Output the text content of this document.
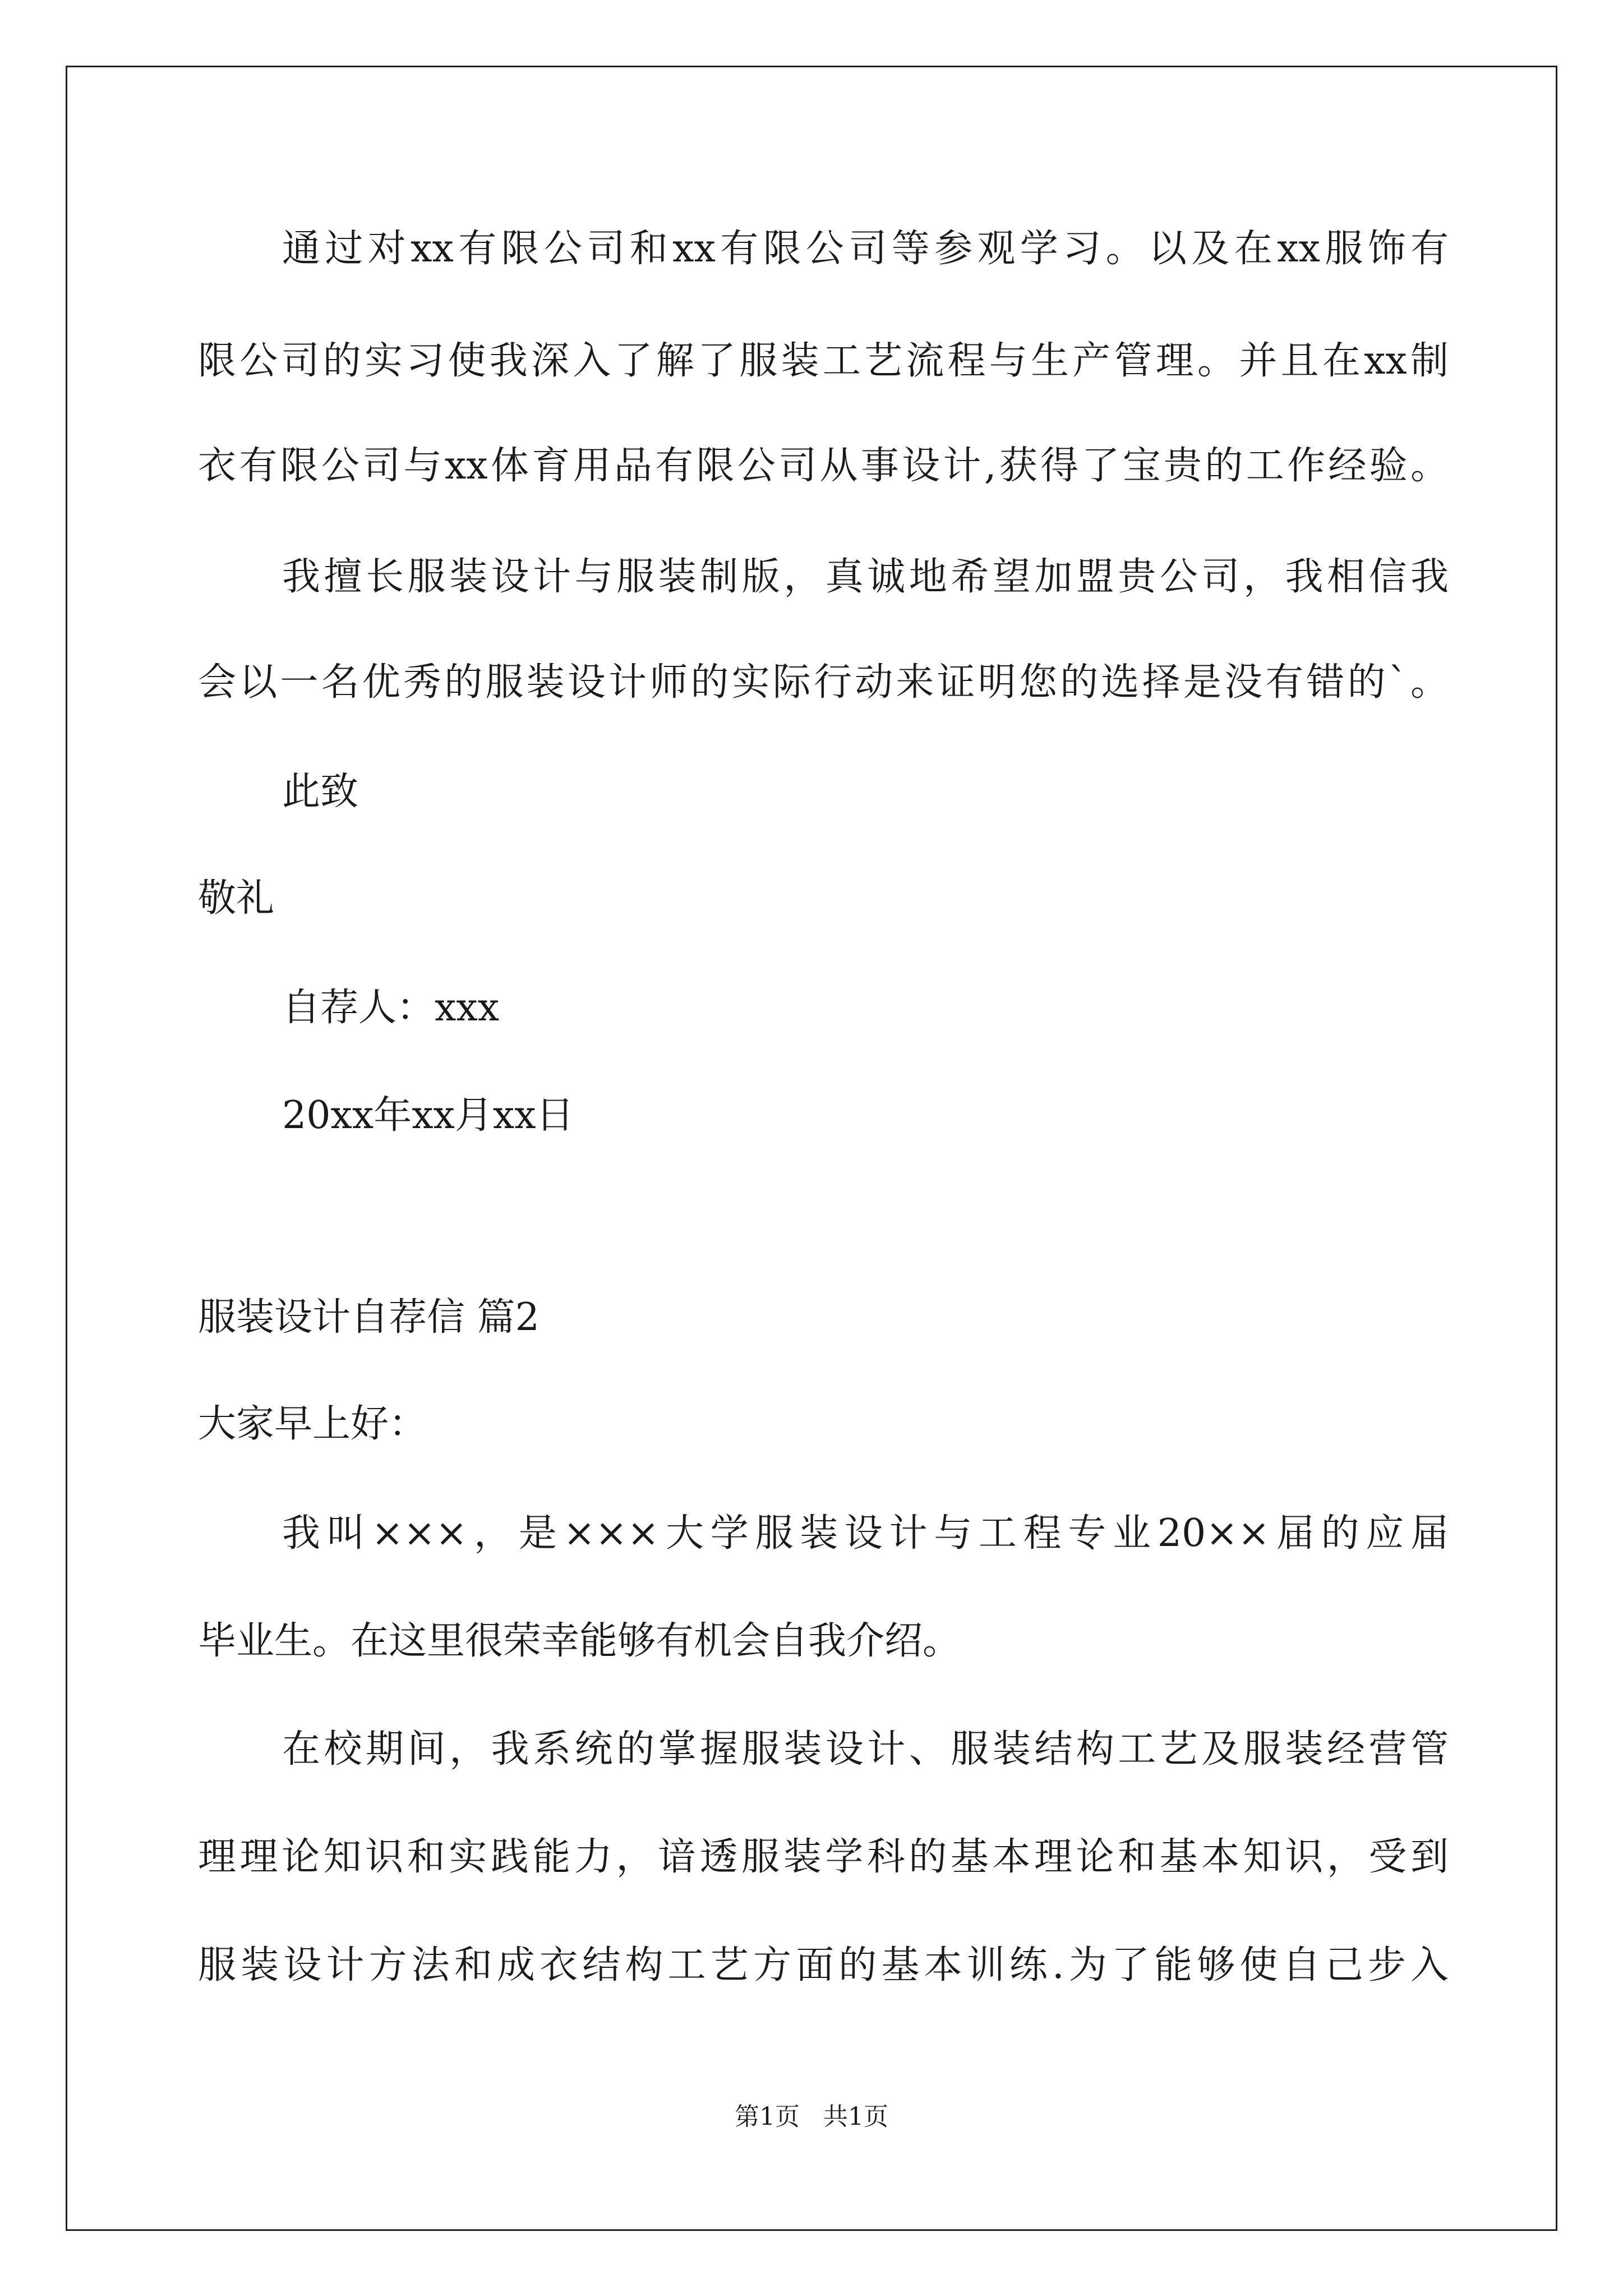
通过对xx有限公司和xx有限公司等参观学习。以及在xx服饰有
限公司的实习使我深入了解了服装工艺流程与生产管理。并且在xx制
衣有限公司与xx体育用品有限公司从事设计,获得了宝贵的工作经验。
我擅长服装设计与服装制版，真诚地希望加盟贵公司，我相信我
会以一名优秀的服装设计师的实际行动来证明您的选择是没有错的`。
此致
敬礼
自荐人：xxx
20xx年xx月xx日
服装设计自荐信 篇2
大家早上好：
我叫×××，是×××大学服装设计与工程专业20××届的应届
毕业生。在这里很荣幸能够有机会自我介绍。
在校期间，我系统的掌握服装设计、服装结构工艺及服装经营管
理理论知识和实践能力，谙透服装学科的基本理论和基本知识，受到
服装设计方法和成衣结构工艺方面的基本训练.为了能够使自己步入
第1页   共1页
